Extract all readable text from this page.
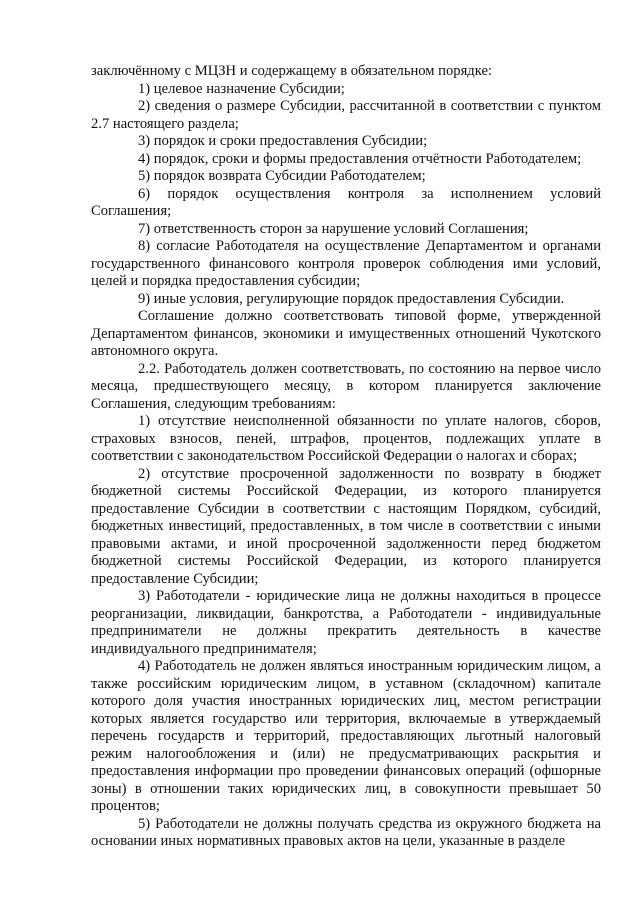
заключённому с МЦЗН и содержащему в обязательном порядке:

1) целевое назначение Субсидии;

2) сведения о размере Субсидии, рассчитанной в соответствии с пунктом 2.7 настоящего раздела;

3) порядок и сроки предоставления Субсидии;

4) порядок, сроки и формы предоставления отчётности Работодателем;

5) порядок возврата Субсидии Работодателем;

6) порядок осуществления контроля за исполнением условий Соглашения;

7) ответственность сторон за нарушение условий Соглашения;

8) согласие Работодателя на осуществление Департаментом и органами государственного финансового контроля проверок соблюдения ими условий, целей и порядка предоставления субсидии;

9) иные условия, регулирующие порядок предоставления Субсидии.

Соглашение должно соответствовать типовой форме, утвержденной Департаментом финансов, экономики и имущественных отношений Чукотского автономного округа.

2.2. Работодатель должен соответствовать, по состоянию на первое число месяца, предшествующего месяцу, в котором планируется заключение Соглашения, следующим требованиям:

1) отсутствие неисполненной обязанности по уплате налогов, сборов, страховых взносов, пеней, штрафов, процентов, подлежащих уплате в соответствии с законодательством Российской Федерации о налогах и сборах;

2) отсутствие просроченной задолженности по возврату в бюджет бюджетной системы Российской Федерации, из которого планируется предоставление Субсидии в соответствии с настоящим Порядком, субсидий, бюджетных инвестиций, предоставленных, в том числе в соответствии с иными правовыми актами, и иной просроченной задолженности перед бюджетом бюджетной системы Российской Федерации, из которого планируется предоставление Субсидии;

3) Работодатели - юридические лица не должны находиться в процессе реорганизации, ликвидации, банкротства, а Работодатели - индивидуальные предприниматели не должны прекратить деятельность в качестве индивидуального предпринимателя;

4) Работодатель не должен являться иностранным юридическим лицом, а также российским юридическим лицом, в уставном (складочном) капитале которого доля участия иностранных юридических лиц, местом регистрации которых является государство или территория, включаемые в утверждаемый перечень государств и территорий, предоставляющих льготный налоговый режим налогообложения и (или) не предусматривающих раскрытия и предоставления информации про проведении финансовых операций (офшорные зоны) в отношении таких юридических лиц, в совокупности превышает 50 процентов;

5) Работодатели не должны получать средства из окружного бюджета на основании иных нормативных правовых актов на цели, указанные в разделе
